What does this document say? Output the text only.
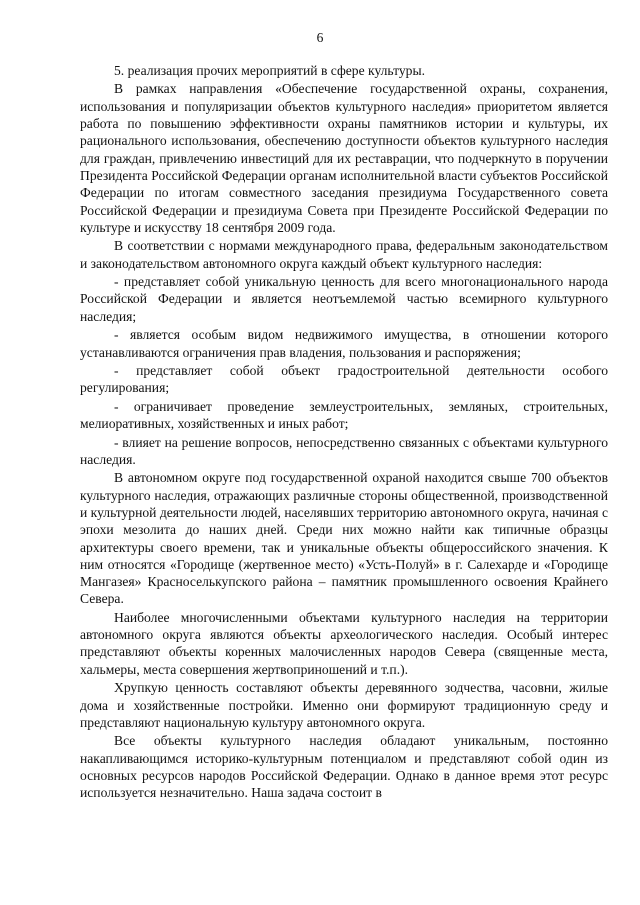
6

5. реализация прочих мероприятий в сфере культуры.

В рамках направления «Обеспечение государственной охраны, сохранения, использования и популяризации объектов культурного наследия» приоритетом является работа по повышению эффективности охраны памятников истории и культуры, их рационального использования, обеспечению доступности объектов культурного наследия для граждан, привлечению инвестиций для их реставрации, что подчеркнуто в поручении Президента Российской Федерации органам исполнительной власти субъектов Российской Федерации по итогам совместного заседания президиума Государственного совета Российской Федерации и президиума Совета при Президенте Российской Федерации по культуре и искусству 18 сентября 2009 года.

В соответствии с нормами международного права, федеральным законодательством и законодательством автономного округа каждый объект культурного наследия:

- представляет собой уникальную ценность для всего многонационального народа Российской Федерации и является неотъемлемой частью всемирного культурного наследия;

- является особым видом недвижимого имущества, в отношении которого устанавливаются ограничения прав владения, пользования и распоряжения;

- представляет собой объект градостроительной деятельности особого регулирования;

- ограничивает проведение землеустроительных, земляных, строительных, мелиоративных, хозяйственных и иных работ;

- влияет на решение вопросов, непосредственно связанных с объектами культурного наследия.

В автономном округе под государственной охраной находится свыше 700 объектов культурного наследия, отражающих различные стороны общественной, производственной и культурной деятельности людей, населявших территорию автономного округа, начиная с эпохи мезолита до наших дней. Среди них можно найти как типичные образцы архитектуры своего времени, так и уникальные объекты общероссийского значения. К ним относятся «Городище (жертвенное место) «Усть-Полуй» в г. Салехарде и «Городище Мангазея» Красноселькупского района – памятник промышленного освоения Крайнего Севера.

Наиболее многочисленными объектами культурного наследия на территории автономного округа являются объекты археологического наследия. Особый интерес представляют объекты коренных малочисленных народов Севера (священные места, хальмеры, места совершения жертвоприношений и т.п.).

Хрупкую ценность составляют объекты деревянного зодчества, часовни, жилые дома и хозяйственные постройки. Именно они формируют традиционную среду и представляют национальную культуру автономного округа.

Все объекты культурного наследия обладают уникальным, постоянно накапливающимся историко-культурным потенциалом и представляют собой один из основных ресурсов народов Российской Федерации. Однако в данное время этот ресурс используется незначительно. Наша задача состоит в
